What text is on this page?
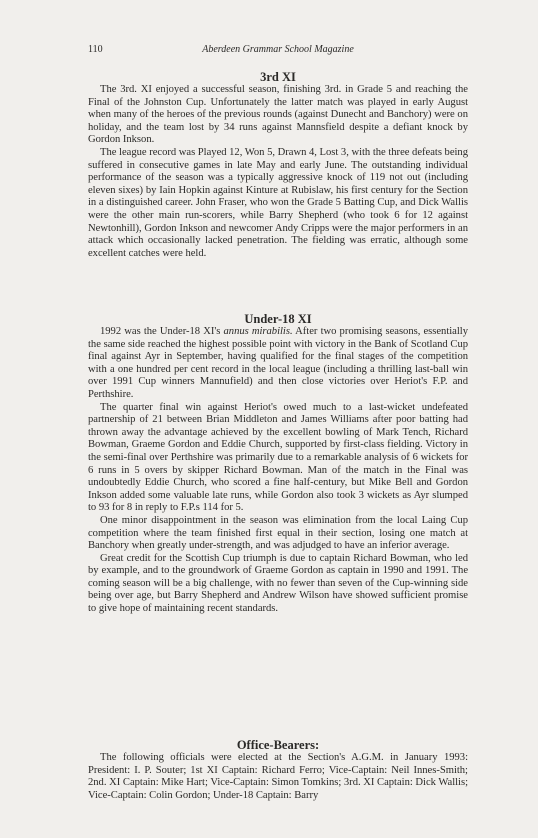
110	Aberdeen Grammar School Magazine
3rd XI

The 3rd. XI enjoyed a successful season, finishing 3rd. in Grade 5 and reaching the Final of the Johnston Cup. Unfortunately the latter match was played in early August when many of the heroes of the previous rounds (against Dunecht and Banchory) were on holiday, and the team lost by 34 runs against Mannsfield despite a defiant knock by Gordon Inkson.

The league record was Played 12, Won 5, Drawn 4, Lost 3, with the three defeats being suffered in consecutive games in late May and early June. The outstanding individual performance of the season was a typically aggressive knock of 119 not out (including eleven sixes) by Iain Hopkin against Kinture at Rubislaw, his first century for the Section in a distinguished career. John Fraser, who won the Grade 5 Batting Cup, and Dick Wallis were the other main run-scorers, while Barry Shepherd (who took 6 for 12 against Newtonhill), Gordon Inkson and newcomer Andy Cripps were the major performers in an attack which occasionally lacked penetration. The fielding was erratic, although some excellent catches were held.

Under-18 XI

1992 was the Under-18 XI's annus mirabilis. After two promising seasons, essentially the same side reached the highest possible point with victory in the Bank of Scotland Cup final against Ayr in September, having qualified for the final stages of the competition with a one hundred per cent record in the local league (including a thrilling last-ball win over 1991 Cup winners Mannufield) and then close victories over Heriot's F.P. and Perthshire.

The quarter final win against Heriot's owed much to a last-wicket undefeated partnership of 21 between Brian Middleton and James Williams after poor batting had thrown away the advantage achieved by the excellent bowling of Mark Tench, Richard Bowman, Graeme Gordon and Eddie Church, supported by first-class fielding. Victory in the semi-final over Perthshire was primarily due to a remarkable analysis of 6 wickets for 6 runs in 5 overs by skipper Richard Bowman. Man of the match in the Final was undoubtedly Eddie Church, who scored a fine half-century, but Mike Bell and Gordon Inkson added some valuable late runs, while Gordon also took 3 wickets as Ayr slumped to 93 for 8 in reply to F.P.s 114 for 5.

One minor disappointment in the season was elimination from the local Laing Cup competition where the team finished first equal in their section, losing one match at Banchory when greatly under-strength, and was adjudged to have an inferior average.

Great credit for the Scottish Cup triumph is due to captain Richard Bowman, who led by example, and to the groundwork of Graeme Gordon as captain in 1990 and 1991. The coming season will be a big challenge, with no fewer than seven of the Cup-winning side being over age, but Barry Shepherd and Andrew Wilson have showed sufficient promise to give hope of maintaining recent standards.

Office-Bearers:

The following officials were elected at the Section's A.G.M. in January 1993: President: I. P. Souter; 1st XI Captain: Richard Ferro; Vice-Captain: Neil Innes-Smith; 2nd. XI Captain: Mike Hart; Vice-Captain: Simon Tomkins; 3rd. XI Captain: Dick Wallis; Vice-Captain: Colin Gordon; Under-18 Captain: Barry
